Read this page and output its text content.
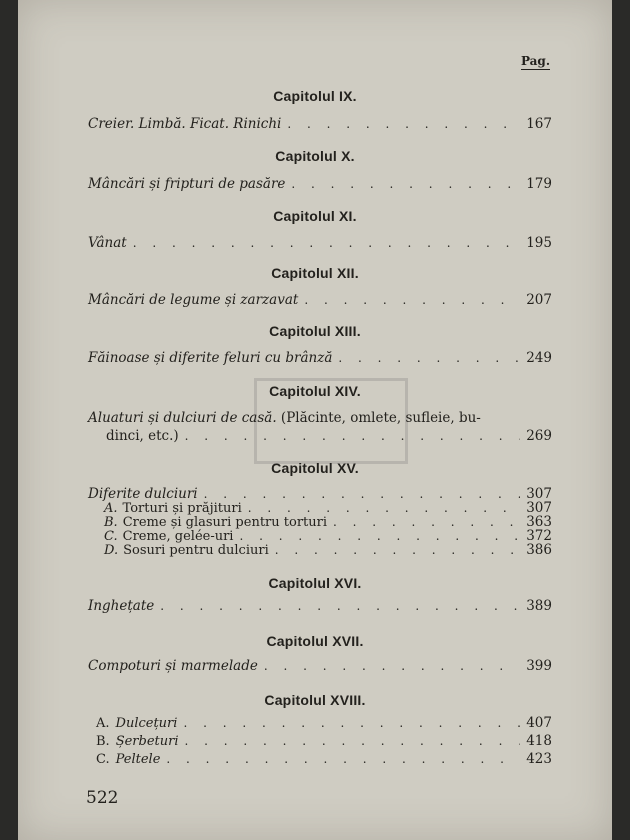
Pag.
Capitolul IX.
Creier. Limbă. Ficat. Rinichi . . .	167
Capitolul X.
Mâncări și fripturi de pasăre . . .	179
Capitolul XI.
Vânat . . .	195
Capitolul XII.
Mâncări de legume și zarzavat . . .	207
Capitolul XIII.
Făinoase și diferite feluri cu brânză . . .	249
Capitolul XIV.
Aluaturi și dulciuri de casă.
(Plăcinte, omlete, sufleie, bu-
dinci, etc.) . . .	269
Capitolul XV.
Diferite dulciuri . . .	307
A. Torturi și prăjituri . . .	307
B. Creme și glasuri pentru torturi . . .	363
C. Creme, gelée-uri . . .	372
D. Sosuri pentru dulciuri . . .	386
Capitolul XVI.
Inghețate . . .	389
Capitolul XVII.
Compoturi și marmelade . . .	399
Capitolul XVIII.
A. Dulcețuri . . .	407
B. Șerbeturi . . .	418
C. Peltele . . .	423
522
